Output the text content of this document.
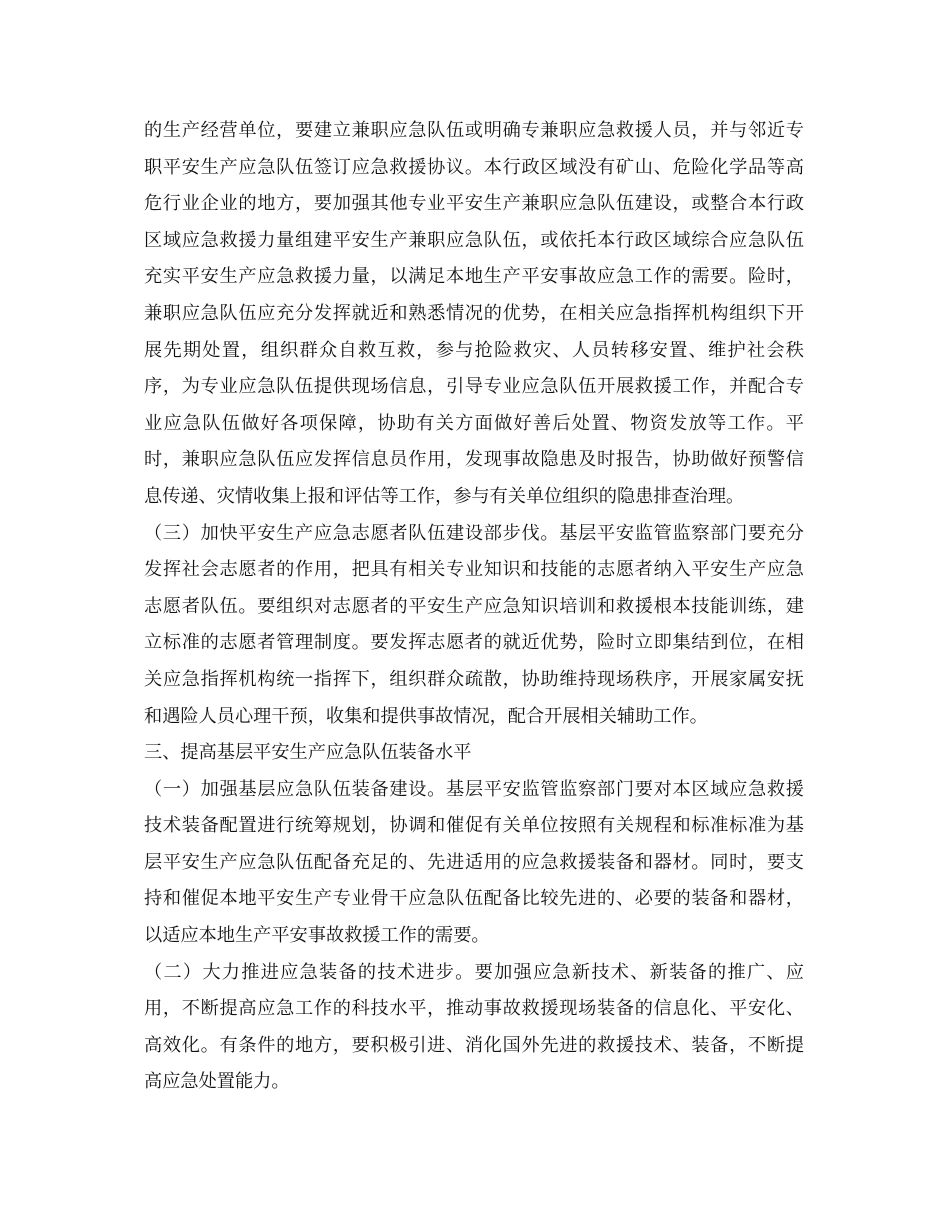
的生产经营单位，要建立兼职应急队伍或明确专兼职应急救援人员，并与邻近专
职平安生产应急队伍签订应急救援协议。本行政区域没有矿山、危险化学品等高
危行业企业的地方，要加强其他专业平安生产兼职应急队伍建设，或整合本行政
区域应急救援力量组建平安生产兼职应急队伍，或依托本行政区域综合应急队伍
充实平安生产应急救援力量，以满足本地生产平安事故应急工作的需要。险时，
兼职应急队伍应充分发挥就近和熟悉情况的优势，在相关应急指挥机构组织下开
展先期处置，组织群众自救互救，参与抢险救灾、人员转移安置、维护社会秩
序，为专业应急队伍提供现场信息，引导专业应急队伍开展救援工作，并配合专
业应急队伍做好各项保障，协助有关方面做好善后处置、物资发放等工作。平
时，兼职应急队伍应发挥信息员作用，发现事故隐患及时报告，协助做好预警信
息传递、灾情收集上报和评估等工作，参与有关单位组织的隐患排查治理。
（三）加快平安生产应急志愿者队伍建设部步伐。基层平安监管监察部门要充分
发挥社会志愿者的作用，把具有相关专业知识和技能的志愿者纳入平安生产应急
志愿者队伍。要组织对志愿者的平安生产应急知识培训和救援根本技能训练，建
立标准的志愿者管理制度。要发挥志愿者的就近优势，险时立即集结到位，在相
关应急指挥机构统一指挥下，组织群众疏散，协助维持现场秩序，开展家属安抚
和遇险人员心理干预，收集和提供事故情况，配合开展相关辅助工作。
三、提高基层平安生产应急队伍装备水平
（一）加强基层应急队伍装备建设。基层平安监管监察部门要对本区域应急救援
技术装备配置进行统筹规划，协调和催促有关单位按照有关规程和标准标准为基
层平安生产应急队伍配备充足的、先进适用的应急救援装备和器材。同时，要支
持和催促本地平安生产专业骨干应急队伍配备比较先进的、必要的装备和器材，
以适应本地生产平安事故救援工作的需要。
（二）大力推进应急装备的技术进步。要加强应急新技术、新装备的推广、应
用，不断提高应急工作的科技水平，推动事故救援现场装备的信息化、平安化、
高效化。有条件的地方，要积极引进、消化国外先进的救援技术、装备，不断提
高应急处置能力。
